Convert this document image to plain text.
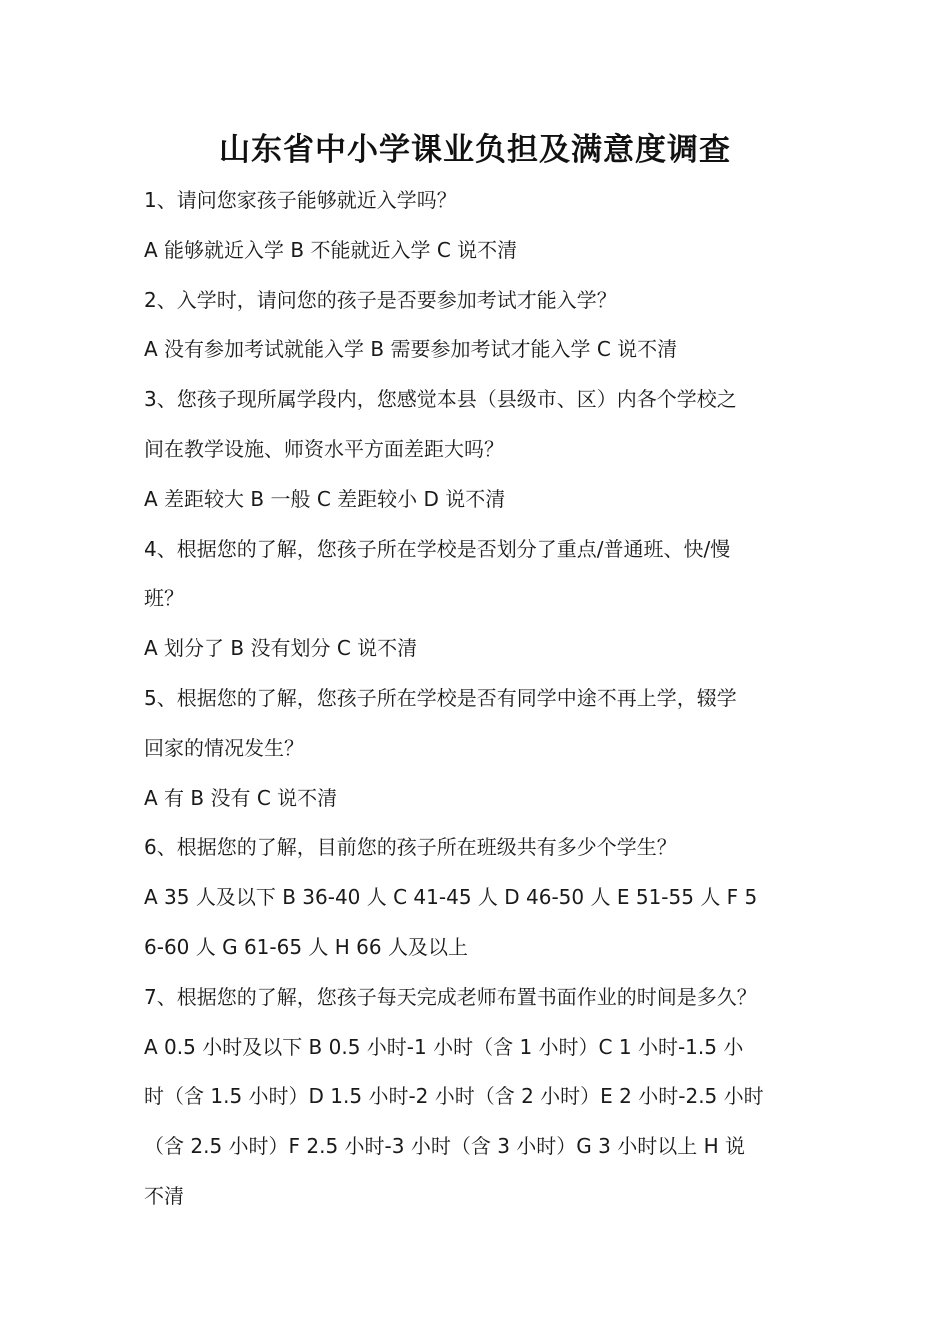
山东省中小学课业负担及满意度调查
1、请问您家孩子能够就近入学吗？
A 能够就近入学 B 不能就近入学 C 说不清
2、入学时，请问您的孩子是否要参加考试才能入学？
A 没有参加考试就能入学 B 需要参加考试才能入学 C 说不清
3、您孩子现所属学段内，您感觉本县（县级市、区）内各个学校之
间在教学设施、师资水平方面差距大吗？
A 差距较大 B 一般 C 差距较小 D 说不清
4、根据您的了解，您孩子所在学校是否划分了重点/普通班、快/慢
班？
A 划分了 B 没有划分 C 说不清
5、根据您的了解，您孩子所在学校是否有同学中途不再上学，辍学
回家的情况发生？
A 有 B 没有 C 说不清
6、根据您的了解，目前您的孩子所在班级共有多少个学生？
A 35 人及以下 B 36-40 人 C 41-45 人 D 46-50 人 E 51-55 人 F 5
6-60 人 G 61-65 人 H 66 人及以上
7、根据您的了解，您孩子每天完成老师布置书面作业的时间是多久？
A 0.5 小时及以下 B 0.5 小时-1 小时（含 1 小时）C 1 小时-1.5 小
时（含 1.5 小时）D 1.5 小时-2 小时（含 2 小时）E 2 小时-2.5 小时
（含 2.5 小时）F 2.5 小时-3 小时（含 3 小时）G 3 小时以上 H 说
不清
